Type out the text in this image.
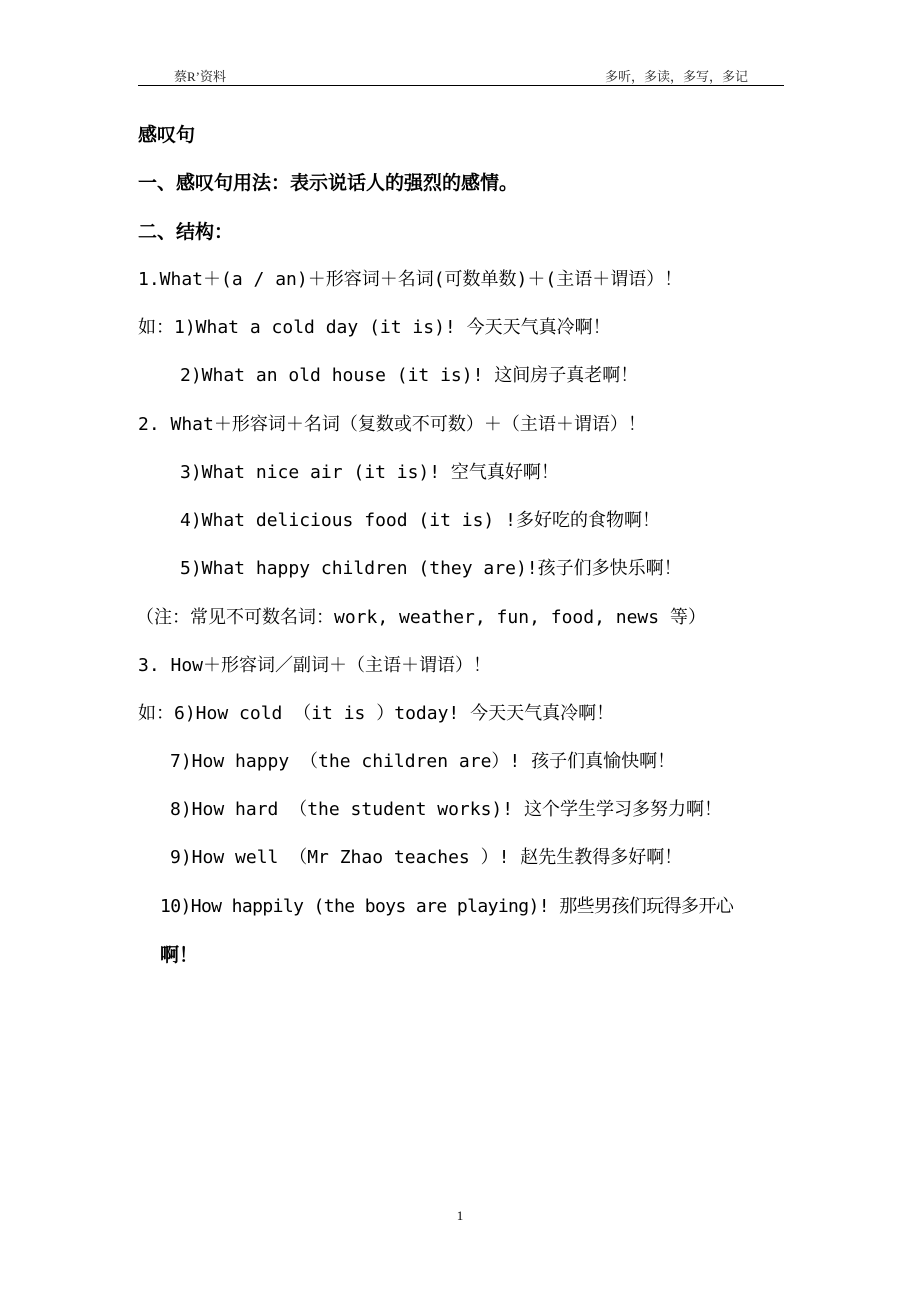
蔡R’资料	多听，多读，多写，多记
感叹句
一、感叹句用法：表示说话人的强烈的感情。
二、结构：
1.What＋(a / an)＋形容词＋名词(可数单数)＋(主语＋谓语）！
如：1)What a cold day (it is)! 今天天气真冷啊！
2)What an old house (it is)! 这间房子真老啊！
2. What＋形容词＋名词（复数或不可数）＋（主语＋谓语）！
3)What nice air (it is)! 空气真好啊！
4)What delicious food (it is) !多好吃的食物啊！
5)What happy children (they are)!孩子们多快乐啊！
（注：常见不可数名词：work, weather, fun, food, news 等）
3. How＋形容词／副词＋（主语＋谓语）！
如：6)How cold （it is ）today! 今天天气真冷啊！
7)How happy （the children are）! 孩子们真愉快啊！
8)How hard （the student works)! 这个学生学习多努力啊！
9)How well （Mr Zhao teaches ）! 赵先生教得多好啊！
10)How happily (the boys are playing)! 那些男孩们玩得多开心
啊！
1
